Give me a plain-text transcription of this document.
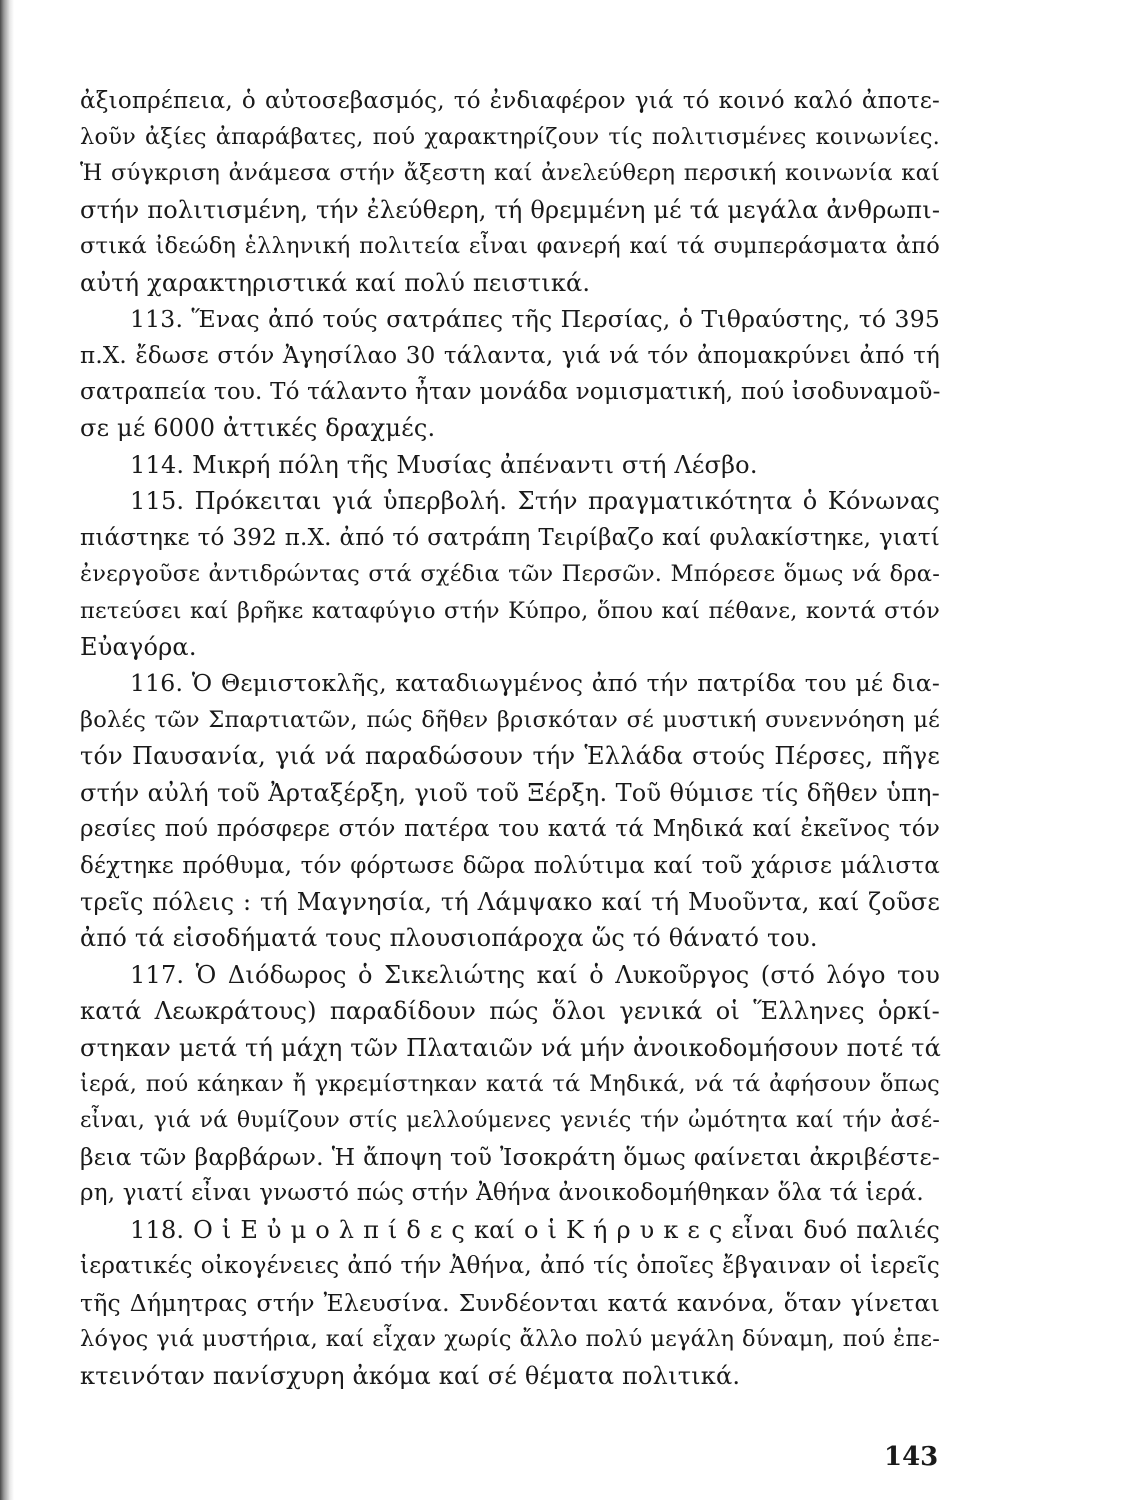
ἀξιοπρέπεια, ὁ αὐτοσεβασμός, τό ἐνδιαφέρον γιά τό κοινό καλό ἀποτε-
λοῦν ἀξίες ἀπαράβατες, πού χαρακτηρίζουν τίς πολιτισμένες κοινωνίες.
Ἡ σύγκριση ἀνάμεσα στήν ἄξεστη καί ἀνελεύθερη περσική κοινωνία καί
στήν πολιτισμένη, τήν ἐλεύθερη, τή θρεμμένη μέ τά μεγάλα ἀνθρωπι-
στικά ἰδεώδη ἑλληνική πολιτεία εἶναι φανερή καί τά συμπεράσματα ἀπό
αὐτή χαρακτηριστικά καί πολύ πειστικά.
113. Ἕνας ἀπό τούς σατράπες τῆς Περσίας, ὁ Τιθραύστης, τό 395
π.Χ. ἔδωσε στόν Ἀγησίλαο 30 τάλαντα, γιά νά τόν ἀπομακρύνει ἀπό τή
σατραπεία του. Τό τάλαντο ἦταν μονάδα νομισματική, πού ἰσοδυναμοῦ-
σε μέ 6000 ἀττικές δραχμές.
114. Μικρή πόλη τῆς Μυσίας ἀπέναντι στή Λέσβο.
115. Πρόκειται γιά ὑπερβολή. Στήν πραγματικότητα ὁ Κόνωνας
πιάστηκε τό 392 π.Χ. ἀπό τό σατράπη Τειρίβαζο καί φυλακίστηκε, γιατί
ἐνεργοῦσε ἀντιδρώντας στά σχέδια τῶν Περσῶν. Μπόρεσε ὅμως νά δρα-
πετεύσει καί βρῆκε καταφύγιο στήν Κύπρο, ὅπου καί πέθανε, κοντά στόν
Εὐαγόρα.
116. Ὁ Θεμιστοκλῆς, καταδιωγμένος ἀπό τήν πατρίδα του μέ δια-
βολές τῶν Σπαρτιατῶν, πώς δῆθεν βρισκόταν σέ μυστική συνεννόηση μέ
τόν Παυσανία, γιά νά παραδώσουν τήν Ἑλλάδα στούς Πέρσες, πῆγε
στήν αὐλή τοῦ Ἀρταξέρξη, γιοῦ τοῦ Ξέρξη. Τοῦ θύμισε τίς δῆθεν ὑπη-
ρεσίες πού πρόσφερε στόν πατέρα του κατά τά Μηδικά καί ἐκεῖνος τόν
δέχτηκε πρόθυμα, τόν φόρτωσε δῶρα πολύτιμα καί τοῦ χάρισε μάλιστα
τρεῖς πόλεις : τή Μαγνησία, τή Λάμψακο καί τή Μυοῦντα, καί ζοῦσε
ἀπό τά εἰσοδήματά τους πλουσιοπάροχα ὥς τό θάνατό του.
117. Ὁ Διόδωρος ὁ Σικελιώτης καί ὁ Λυκοῦργος (στό λόγο του
κατά Λεωκράτους) παραδίδουν πώς ὅλοι γενικά οἱ Ἕλληνες ὁρκί-
στηκαν μετά τή μάχη τῶν Πλαταιῶν νά μήν ἀνοικοδομήσουν ποτέ τά
ἱερά, πού κάηκαν ἤ γκρεμίστηκαν κατά τά Μηδικά, νά τά ἀφήσουν ὅπως
εἶναι, γιά νά θυμίζουν στίς μελλούμενες γενιές τήν ὠμότητα καί τήν ἀσέ-
βεια τῶν βαρβάρων. Ἡ ἄποψη τοῦ Ἰσοκράτη ὅμως φαίνεται ἀκριβέστε-
ρη, γιατί εἶναι γνωστό πώς στήν Ἀθήνα ἀνοικοδομήθηκαν ὅλα τά ἱερά.
118. Ο ἱ Ε ὐ μ ο λ π ί δ ε ς καί ο ἱ Κ ή ρ υ κ ε ς εἶναι δυό παλιές
ἱερατικές οἰκογένειες ἀπό τήν Ἀθήνα, ἀπό τίς ὁποῖες ἔβγαιναν οἱ ἱερεῖς
τῆς Δήμητρας στήν Ἐλευσίνα. Συνδέονται κατά κανόνα, ὅταν γίνεται
λόγος γιά μυστήρια, καί εἶχαν χωρίς ἄλλο πολύ μεγάλη δύναμη, πού ἐπε-
κτεινόταν πανίσχυρη ἀκόμα καί σέ θέματα πολιτικά.
143
